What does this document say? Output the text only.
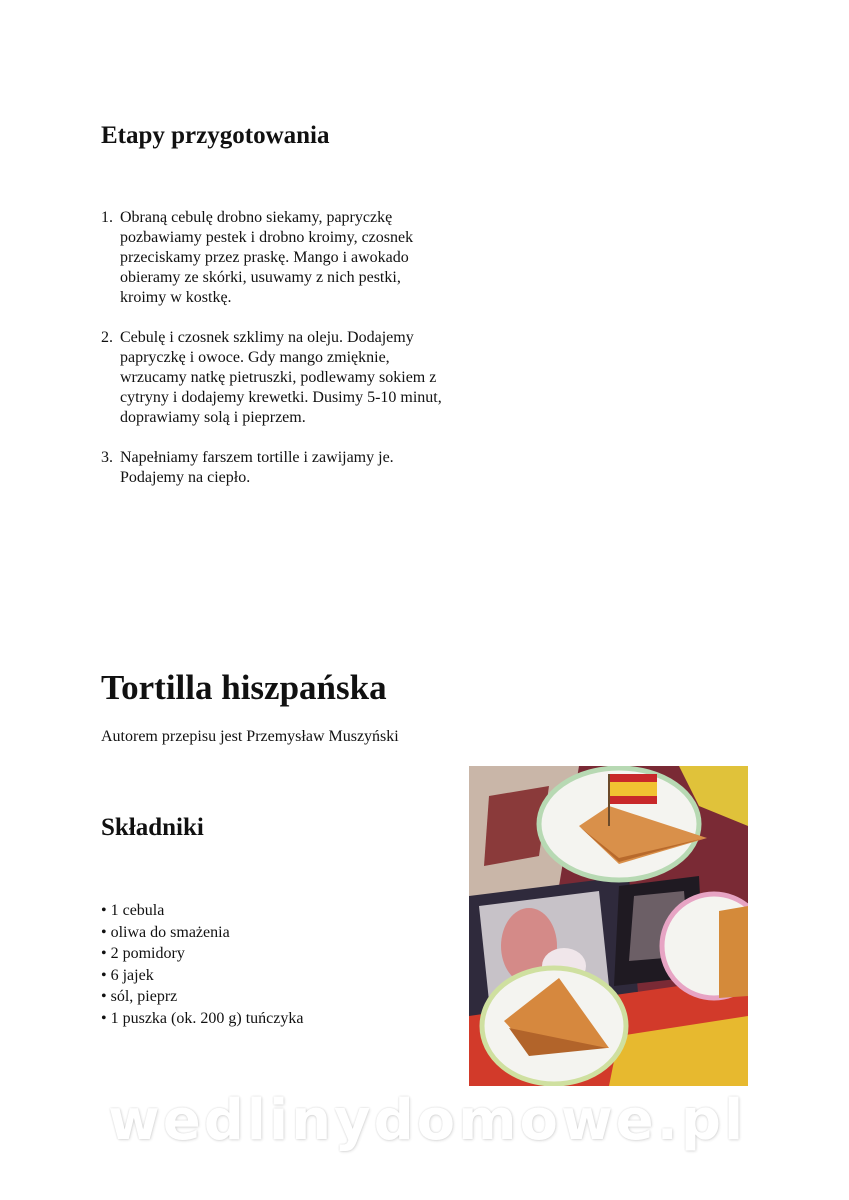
Etapy przygotowania
1. Obraną cebulę drobno siekamy, papryczkę pozbawiamy pestek i drobno kroimy, czosnek przeciskamy przez praskę. Mango i awokado obieramy ze skórki, usuwamy z nich pestki, kroimy w kostkę.
2. Cebulę i czosnek szklimy na oleju. Dodajemy papryczkę i owoce. Gdy mango zmięknie, wrzucamy natkę pietruszki, podlewamy sokiem z cytryny i dodajemy krewetki. Dusimy 5-10 minut, doprawiamy solą i pieprzem.
3. Napełniamy farszem tortille i zawijamy je. Podajemy na ciepło.
Tortilla hiszpańska
Autorem przepisu jest Przemysław Muszyński
Składniki
• 1 cebula
• oliwa do smażenia
• 2 pomidory
• 6 jajek
• sól, pieprz
• 1 puszka (ok. 200 g) tuńczyka
wedlinydomowe.pl
